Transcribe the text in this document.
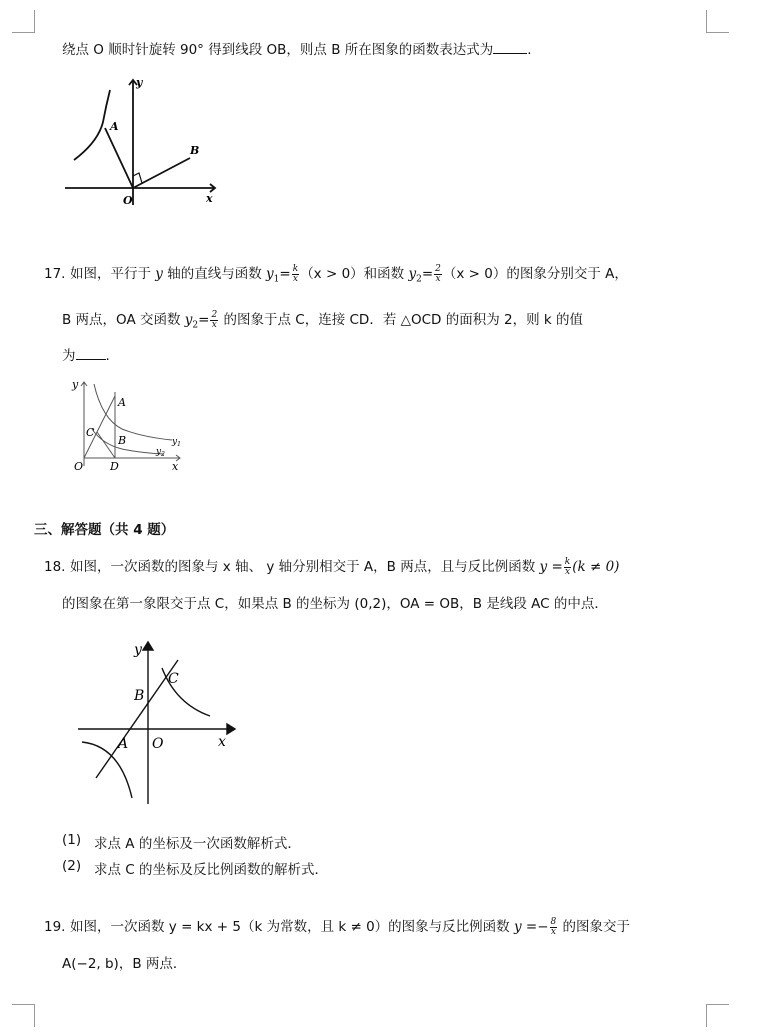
绕点 O 顺时针旋转 90° 得到线段 OB，则点 B 所在图象的函数表达式为	.
y
x
O
A
B
17. 如图，平行于 y 轴的直线与函数 $y_1= \frac{k}{x} (x > 0)$和函数 $y_2= \frac{2}{x} (x > 0)$的图象分别交于 A，
B 两点，OA 交函数 $y_2= \frac{2}{x}$ 的图象于点 C，连接 CD．若 △OCD 的面积为 2，则 k 的值
为 .
y
x
O
A
B
C
D
$y_1$
$y_2$
三、解答题（共 4 题）
18. 如图，一次函数的图象与 x 轴、 y 轴分别相交于 A，B 两点，且与反比例函数 $y = \frac{k}{x} (k \ne 0)$
的图象在第一象限交于点 C，如果点 B 的坐标为 (0,2)，OA = OB，B 是线段 AC 的中点．
y
x
O
A
B
C
(1) 求点 A 的坐标及一次函数解析式．
(2) 求点 C 的坐标及反比例函数的解析式．
19. 如图，一次函数 y = kx + 5（k 为常数，且 k ≠ 0）的图象与反比例函数 $y =- \frac{8}{x}$ 的图象交于
A(−2, b)，B 两点．
